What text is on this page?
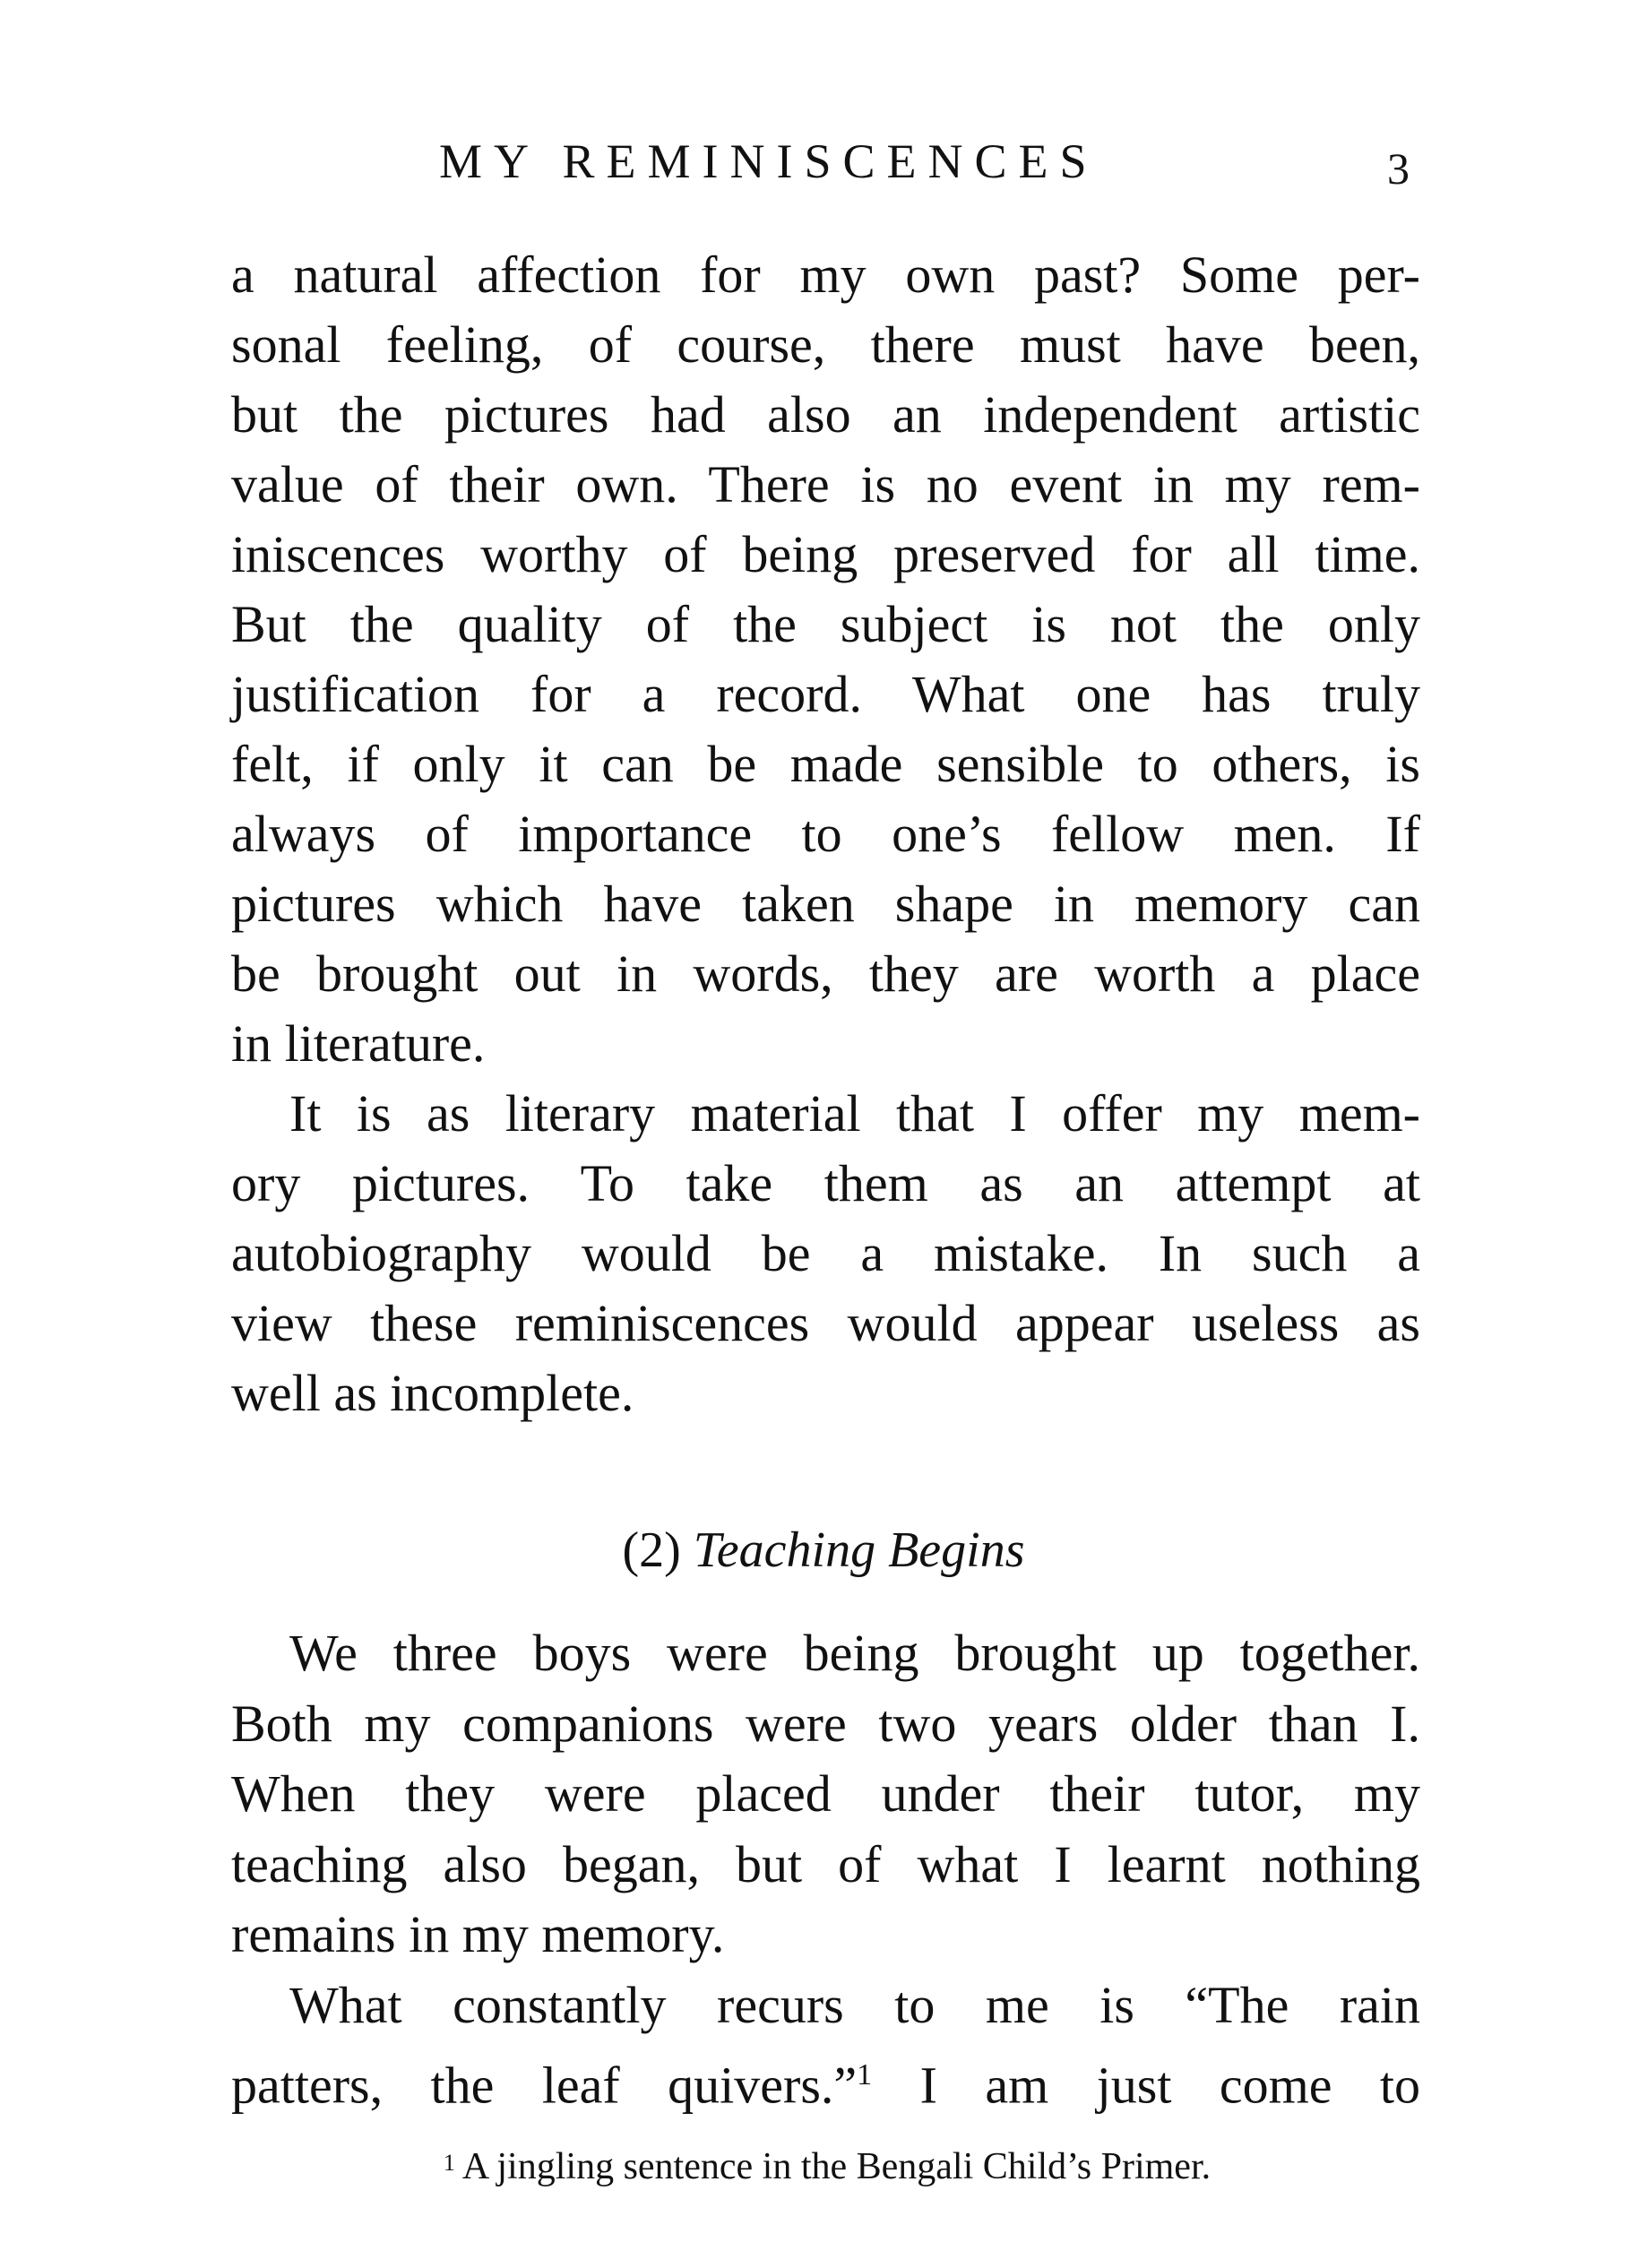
MY REMINISCENCES	3
a natural affection for my own past? Some per-
sonal feeling, of course, there must have been,
but the pictures had also an independent artistic
value of their own. There is no event in my rem-
iniscences worthy of being preserved for all time.
But the quality of the subject is not the only
justification for a record. What one has truly
felt, if only it can be made sensible to others, is
always of importance to one’s fellow men. If
pictures which have taken shape in memory can
be brought out in words, they are worth a place
in literature.
It is as literary material that I offer my mem-
ory pictures. To take them as an attempt at
autobiography would be a mistake. In such a
view these reminiscences would appear useless as
well as incomplete.
We three boys were being brought up together.
Both my companions were two years older than I.
When they were placed under their tutor, my
teaching also began, but of what I learnt nothing
remains in my memory.
What constantly recurs to me is “The rain
patters, the leaf quivers.”$^1$ I am just come to
(2) Teaching Begins
$^1$ A jingling sentence in the Bengali Child’s Primer.
